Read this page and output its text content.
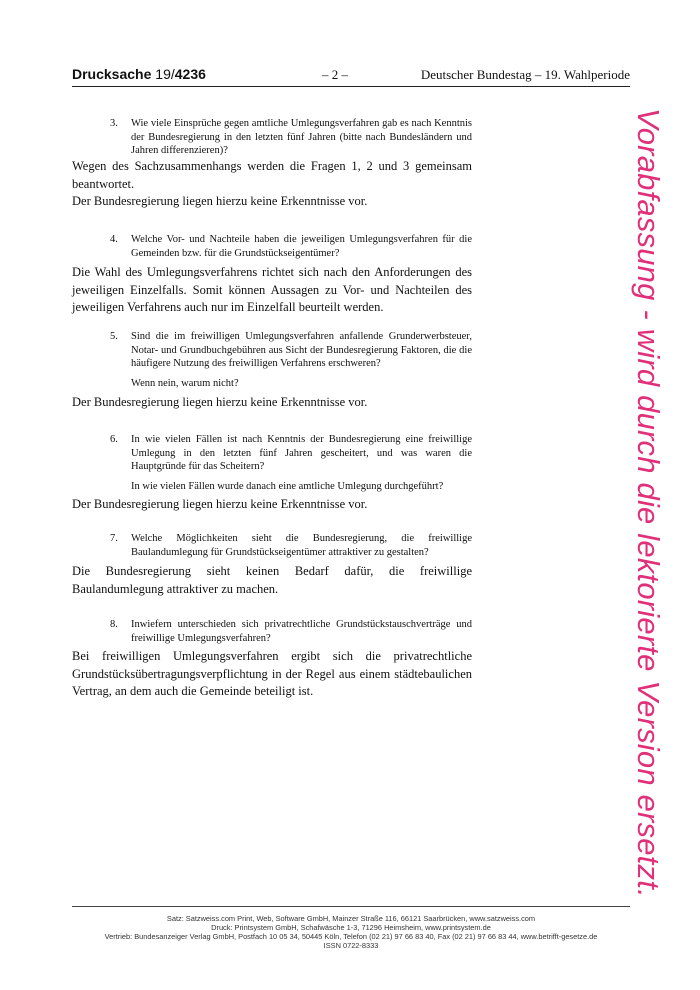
Drucksache 19/4236	– 2 –	Deutscher Bundestag – 19. Wahlperiode
3. Wie viele Einsprüche gegen amtliche Umlegungsverfahren gab es nach Kenntnis der Bundesregierung in den letzten fünf Jahren (bitte nach Bundesländern und Jahren differenzieren)?
Wegen des Sachzusammenhangs werden die Fragen 1, 2 und 3 gemeinsam beantwortet.
Der Bundesregierung liegen hierzu keine Erkenntnisse vor.
4. Welche Vor- und Nachteile haben die jeweiligen Umlegungsverfahren für die Gemeinden bzw. für die Grundstückseigentümer?
Die Wahl des Umlegungsverfahrens richtet sich nach den Anforderungen des jeweiligen Einzelfalls. Somit können Aussagen zu Vor- und Nachteilen des jeweiligen Verfahrens auch nur im Einzelfall beurteilt werden.
5. Sind die im freiwilligen Umlegungsverfahren anfallende Grunderwerbsteuer, Notar- und Grundbuchgebühren aus Sicht der Bundesregierung Faktoren, die die häufigere Nutzung des freiwilligen Verfahrens erschweren?
Wenn nein, warum nicht?
Der Bundesregierung liegen hierzu keine Erkenntnisse vor.
6. In wie vielen Fällen ist nach Kenntnis der Bundesregierung eine freiwillige Umlegung in den letzten fünf Jahren gescheitert, und was waren die Hauptgründe für das Scheitern?
In wie vielen Fällen wurde danach eine amtliche Umlegung durchgeführt?
Der Bundesregierung liegen hierzu keine Erkenntnisse vor.
7. Welche Möglichkeiten sieht die Bundesregierung, die freiwillige Baulandumlegung für Grundstückseigentümer attraktiver zu gestalten?
Die Bundesregierung sieht keinen Bedarf dafür, die freiwillige Baulandumlegung attraktiver zu machen.
8. Inwiefern unterschieden sich privatrechtliche Grundstückstauschverträge und freiwillige Umlegungsverfahren?
Bei freiwilligen Umlegungsverfahren ergibt sich die privatrechtliche Grundstücksübertragungsverpflichtung in der Regel aus einem städtebaulichen Vertrag, an dem auch die Gemeinde beteiligt ist.	Vorabfassung - wird durch die lektorierte Version ersetzt.
Satz: Satzweiss.com Print, Web, Software GmbH, Mainzer Straße 116, 66121 Saarbrücken, www.satzweiss.com
Druck: Printsystem GmbH, Schafwäsche 1-3, 71296 Heimsheim, www.printsystem.de
Vertrieb: Bundesanzeiger Verlag GmbH, Postfach 10 05 34, 50445 Köln, Telefon (02 21) 97 66 83 40, Fax (02 21) 97 66 83 44, www.betrifft-gesetze.de
ISSN 0722-8333
